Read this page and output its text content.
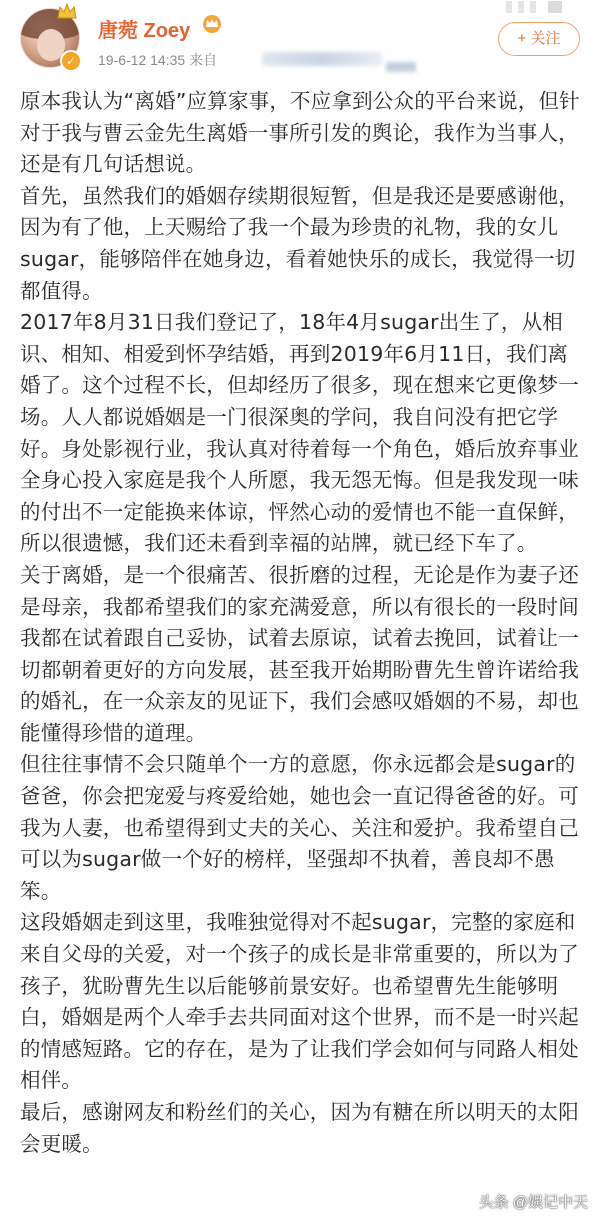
✓
唐菀 Zoey
19-6-12 14:35 来自
+ 关注

原本我认为“离婚”应算家事，不应拿到公众的平台来说，但针对于我与曹云金先生离婚一事所引发的舆论，我作为当事人，还是有几句话想说。

首先，虽然我们的婚姻存续期很短暂，但是我还是要感谢他，因为有了他，上天赐给了我一个最为珍贵的礼物，我的女儿sugar，能够陪伴在她身边，看着她快乐的成长，我觉得一切都值得。

2017年8月31日我们登记了，18年4月sugar出生了，从相识、相知、相爱到怀孕结婚，再到2019年6月11日，我们离婚了。这个过程不长，但却经历了很多，现在想来它更像梦一场。人人都说婚姻是一门很深奥的学问，我自问没有把它学好。身处影视行业，我认真对待着每一个角色，婚后放弃事业全身心投入家庭是我个人所愿，我无怨无悔。但是我发现一味的付出不一定能换来体谅，怦然心动的爱情也不能一直保鲜，所以很遗憾，我们还未看到幸福的站牌，就已经下车了。

关于离婚，是一个很痛苦、很折磨的过程，无论是作为妻子还是母亲，我都希望我们的家充满爱意，所以有很长的一段时间我都在试着跟自己妥协，试着去原谅，试着去挽回，试着让一切都朝着更好的方向发展，甚至我开始期盼曹先生曾许诺给我的婚礼，在一众亲友的见证下，我们会感叹婚姻的不易，却也能懂得珍惜的道理。

但往往事情不会只随单个一方的意愿，你永远都会是sugar的爸爸，你会把宠爱与疼爱给她，她也会一直记得爸爸的好。可我为人妻，也希望得到丈夫的关心、关注和爱护。我希望自己可以为sugar做一个好的榜样，坚强却不执着，善良却不愚笨。

这段婚姻走到这里，我唯独觉得对不起sugar，完整的家庭和来自父母的关爱，对一个孩子的成长是非常重要的，所以为了孩子，犹盼曹先生以后能够前景安好。也希望曹先生能够明白，婚姻是两个人牵手去共同面对这个世界，而不是一时兴起的情感短路。它的存在，是为了让我们学会如何与同路人相处相伴。

最后，感谢网友和粉丝们的关心，因为有糖在所以明天的太阳会更暖。

头条 @娱记中天
